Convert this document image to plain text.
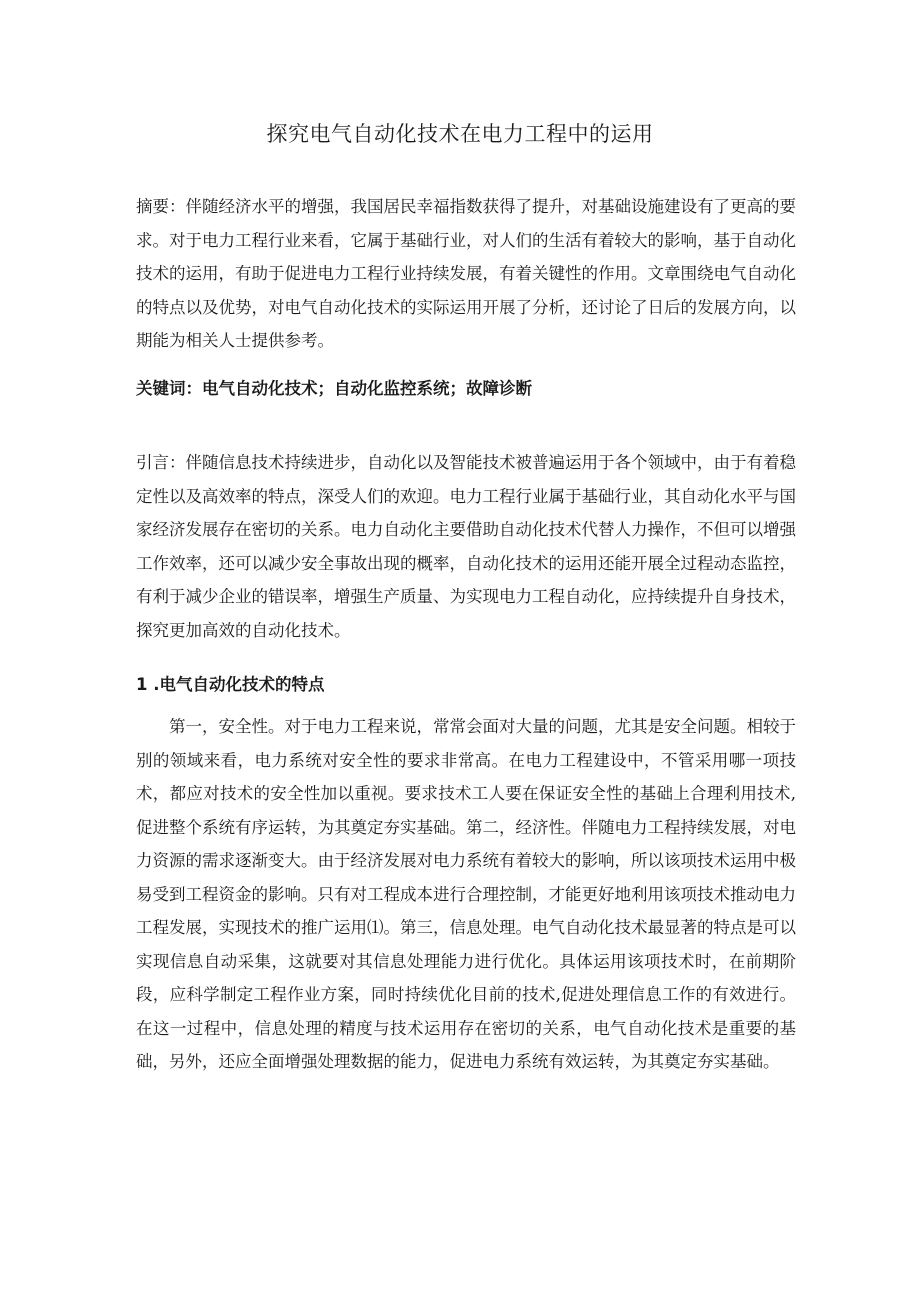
探究电气自动化技术在电力工程中的运用

摘要：伴随经济水平的增强，我国居民幸福指数获得了提升，对基础设施建设有了更高的要求。对于电力工程行业来看，它属于基础行业，对人们的生活有着较大的影响，基于自动化技术的运用，有助于促进电力工程行业持续发展，有着关键性的作用。文章围绕电气自动化的特点以及优势，对电气自动化技术的实际运用开展了分析，还讨论了日后的发展方向，以期能为相关人士提供参考。

关键词：电气自动化技术；自动化监控系统；故障诊断

引言：伴随信息技术持续进步，自动化以及智能技术被普遍运用于各个领域中，由于有着稳定性以及高效率的特点，深受人们的欢迎。电力工程行业属于基础行业，其自动化水平与国家经济发展存在密切的关系。电力自动化主要借助自动化技术代替人力操作，不但可以增强工作效率，还可以减少安全事故出现的概率，自动化技术的运用还能开展全过程动态监控，有利于减少企业的错误率，增强生产质量、为实现电力工程自动化，应持续提升自身技术，探究更加高效的自动化技术。

1 .电气自动化技术的特点

第一，安全性。对于电力工程来说，常常会面对大量的问题，尤其是安全问题。相较于别的领域来看，电力系统对安全性的要求非常高。在电力工程建设中，不管采用哪一项技术，都应对技术的安全性加以重视。要求技术工人要在保证安全性的基础上合理利用技术,促进整个系统有序运转，为其奠定夯实基础。第二，经济性。伴随电力工程持续发展，对电力资源的需求逐渐变大。由于经济发展对电力系统有着较大的影响，所以该项技术运用中极易受到工程资金的影响。只有对工程成本进行合理控制，才能更好地利用该项技术推动电力工程发展，实现技术的推广运用⑴。第三，信息处理。电气自动化技术最显著的特点是可以实现信息自动采集，这就要对其信息处理能力进行优化。具体运用该项技术时，在前期阶段，应科学制定工程作业方案，同时持续优化目前的技术,促进处理信息工作的有效进行。在这一过程中，信息处理的精度与技术运用存在密切的关系，电气自动化技术是重要的基础，另外，还应全面增强处理数据的能力，促进电力系统有效运转，为其奠定夯实基础。
